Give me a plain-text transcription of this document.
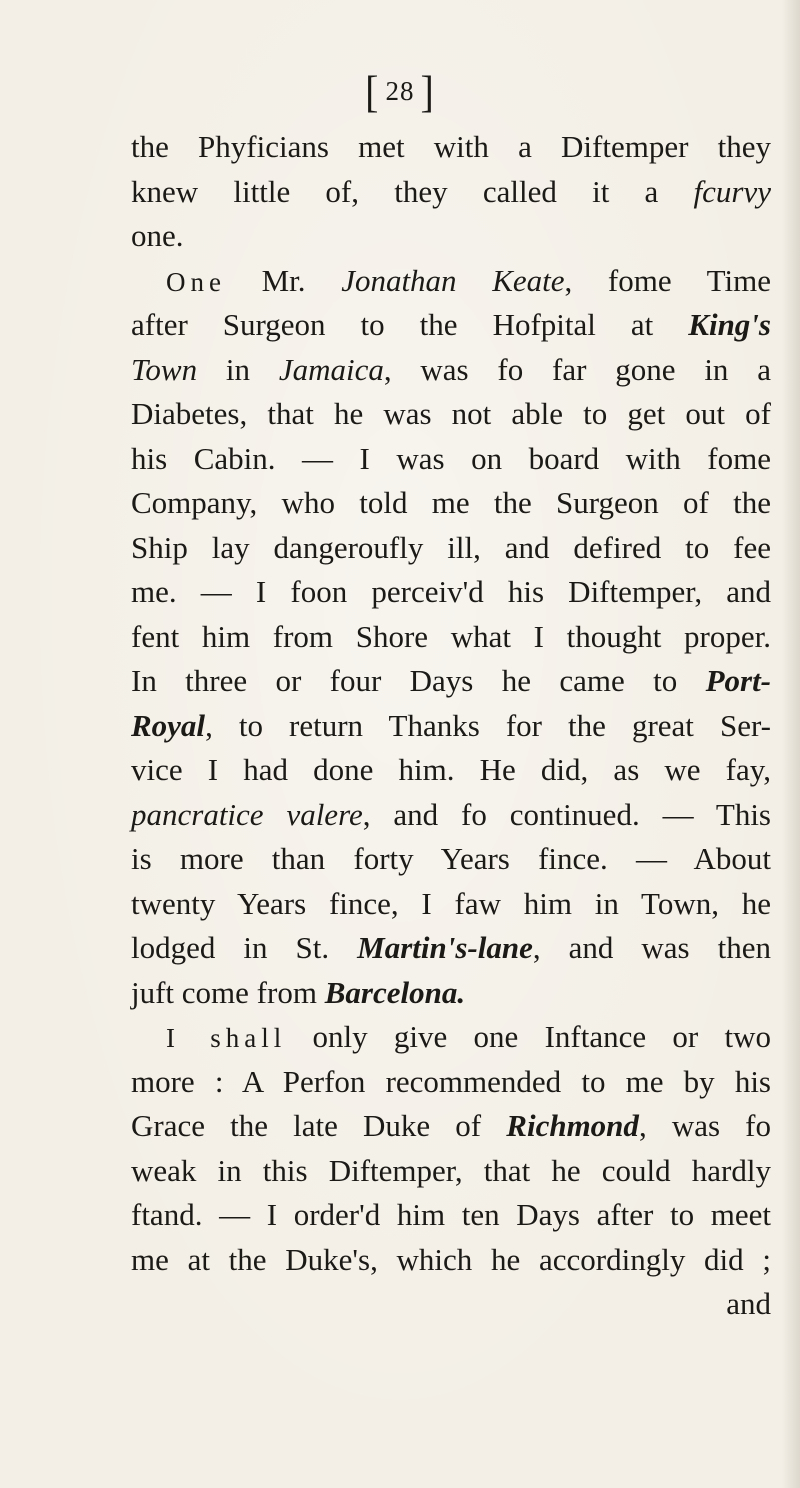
[ 28 ]
the Phyficians met with a Diftemper they
knew little of, they called it a fcurvy
one.
One Mr. Jonathan Keate, fome Time
after Surgeon to the Hofpital at King's
Town in Jamaica, was fo far gone in a
Diabetes, that he was not able to get out of
his Cabin. — I was on board with fome
Company, who told me the Surgeon of the
Ship lay dangeroufly ill, and defired to fee
me. — I foon perceiv'd his Diftemper, and
fent him from Shore what I thought proper.
In three or four Days he came to Port-
Royal, to return Thanks for the great Ser-
vice I had done him. He did, as we fay,
pancratice valere, and fo continued. — This
is more than forty Years fince. — About
twenty Years fince, I faw him in Town, he
lodged in St. Martin's-lane, and was then
juft come from Barcelona.
I shall only give one Inftance or two
more : A Perfon recommended to me by his
Grace the late Duke of Richmond, was fo
weak in this Diftemper, that he could hardly
ftand. — I order'd him ten Days after to meet
me at the Duke's, which he accordingly did ;
and
